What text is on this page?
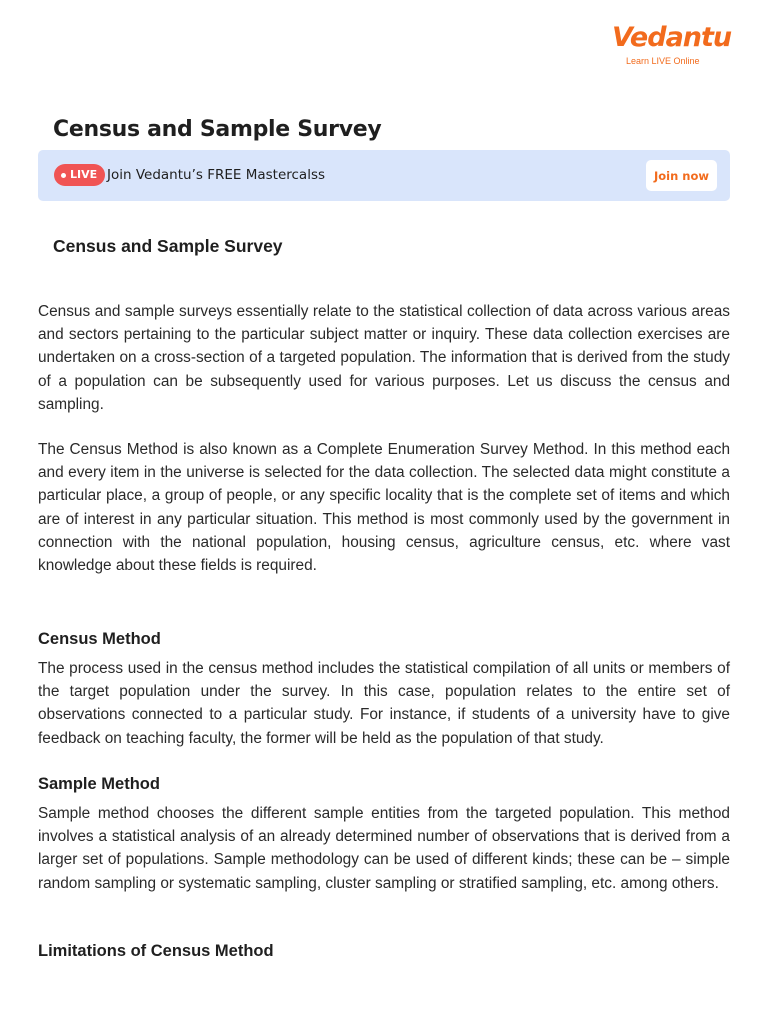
Vedantu
Learn LIVE Online
Census and Sample Survey
LIVE Join Vedantu’s FREE Mastercalss	Join now
Census and Sample Survey

Census and sample surveys essentially relate to the statistical collection of data across various areas and sectors pertaining to the particular subject matter or inquiry. These data collection exercises are undertaken on a cross-section of a targeted population. The information that is derived from the study of a population can be subsequently used for various purposes. Let us discuss the census and sampling.

The Census Method is also known as a Complete Enumeration Survey Method. In this method each and every item in the universe is selected for the data collection. The selected data might constitute a particular place, a group of people, or any specific locality that is the complete set of items and which are of interest in any particular situation. This method is most commonly used by the government in connection with the national population, housing census, agriculture census, etc. where vast knowledge about these fields is required.

Census Method

The process used in the census method includes the statistical compilation of all units or members of the target population under the survey. In this case, population relates to the entire set of observations connected to a particular study. For instance, if students of a university have to give feedback on teaching faculty, the former will be held as the population of that study.

Sample Method

Sample method chooses the different sample entities from the targeted population. This method involves a statistical analysis of an already determined number of observations that is derived from a larger set of populations. Sample methodology can be used of different kinds; these can be – simple random sampling or systematic sampling, cluster sampling or stratified sampling, etc. among others.

Limitations of Census Method
